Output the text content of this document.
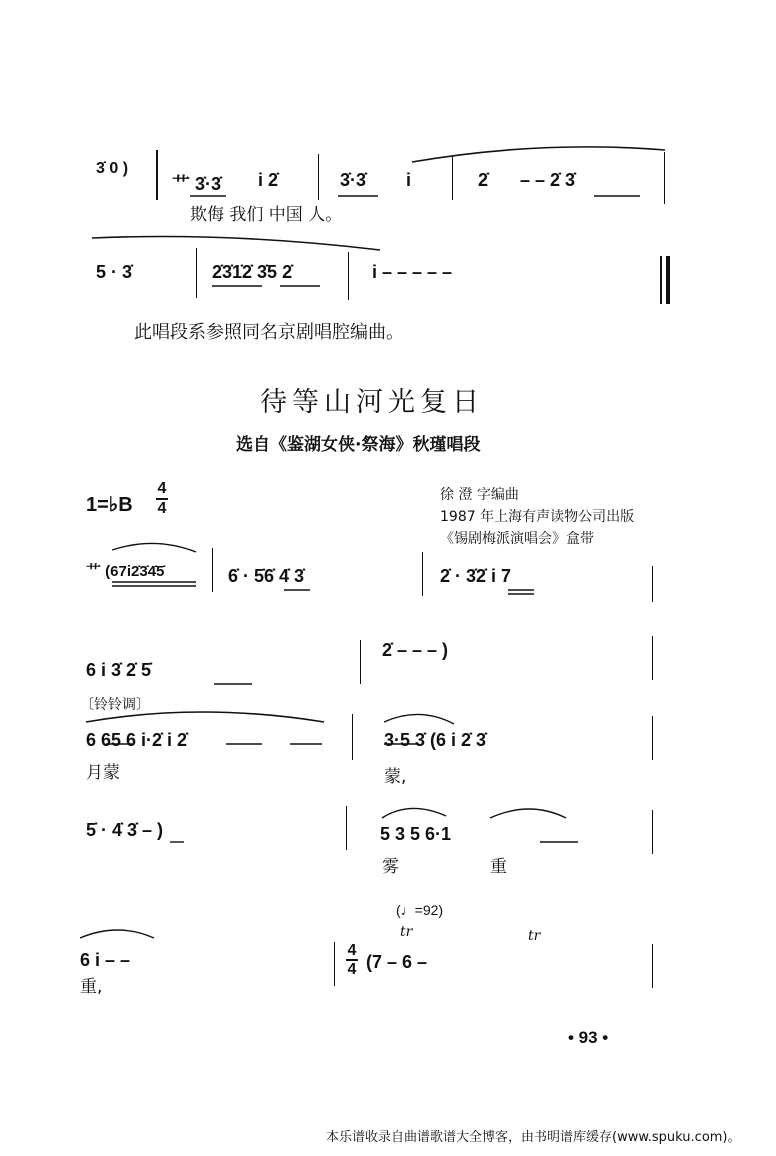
3̇ 0 )
艹 3̇·3̇ i 2̇	3̇·3̇ i	2̇ – – 2̇ 3̇
欺侮 我们 中国 人。
5 · 3̇	2̇3̇1̇2̇ 3̇5 2̇	i – – – – –
此唱段系参照同名京剧唱腔编曲。
待等山河光复日
选自《鉴湖女侠·祭海》秋瑾唱段
1=♭B
4
4
徐 澄 字编曲
1987 年上海有声读物公司出版
《锡剧梅派演唱会》盒带
艹 (67i2̇3̇4̇5̇	6̇ · 5̇6̇ 4̇ 3̇	2̇ · 3̇2̇ i 7
6 i 3̇ 2̇ 5̇
2̇ – – – )
〔铃铃调〕
6 65 6 i·2̇ i 2̇	3·5 3̇ (6 i 2̇ 3̇
月蒙	蒙,
5̇ · 4̇ 3̇ – )	5 3 5 6·1
雾	重
(♩=92)
tr	tr
6 i – –	4
4 (7 – 6 –
重,
• 93 •
本乐谱收录自曲谱歌谱大全博客，由书明谱库缓存(www.spuku.com)。
